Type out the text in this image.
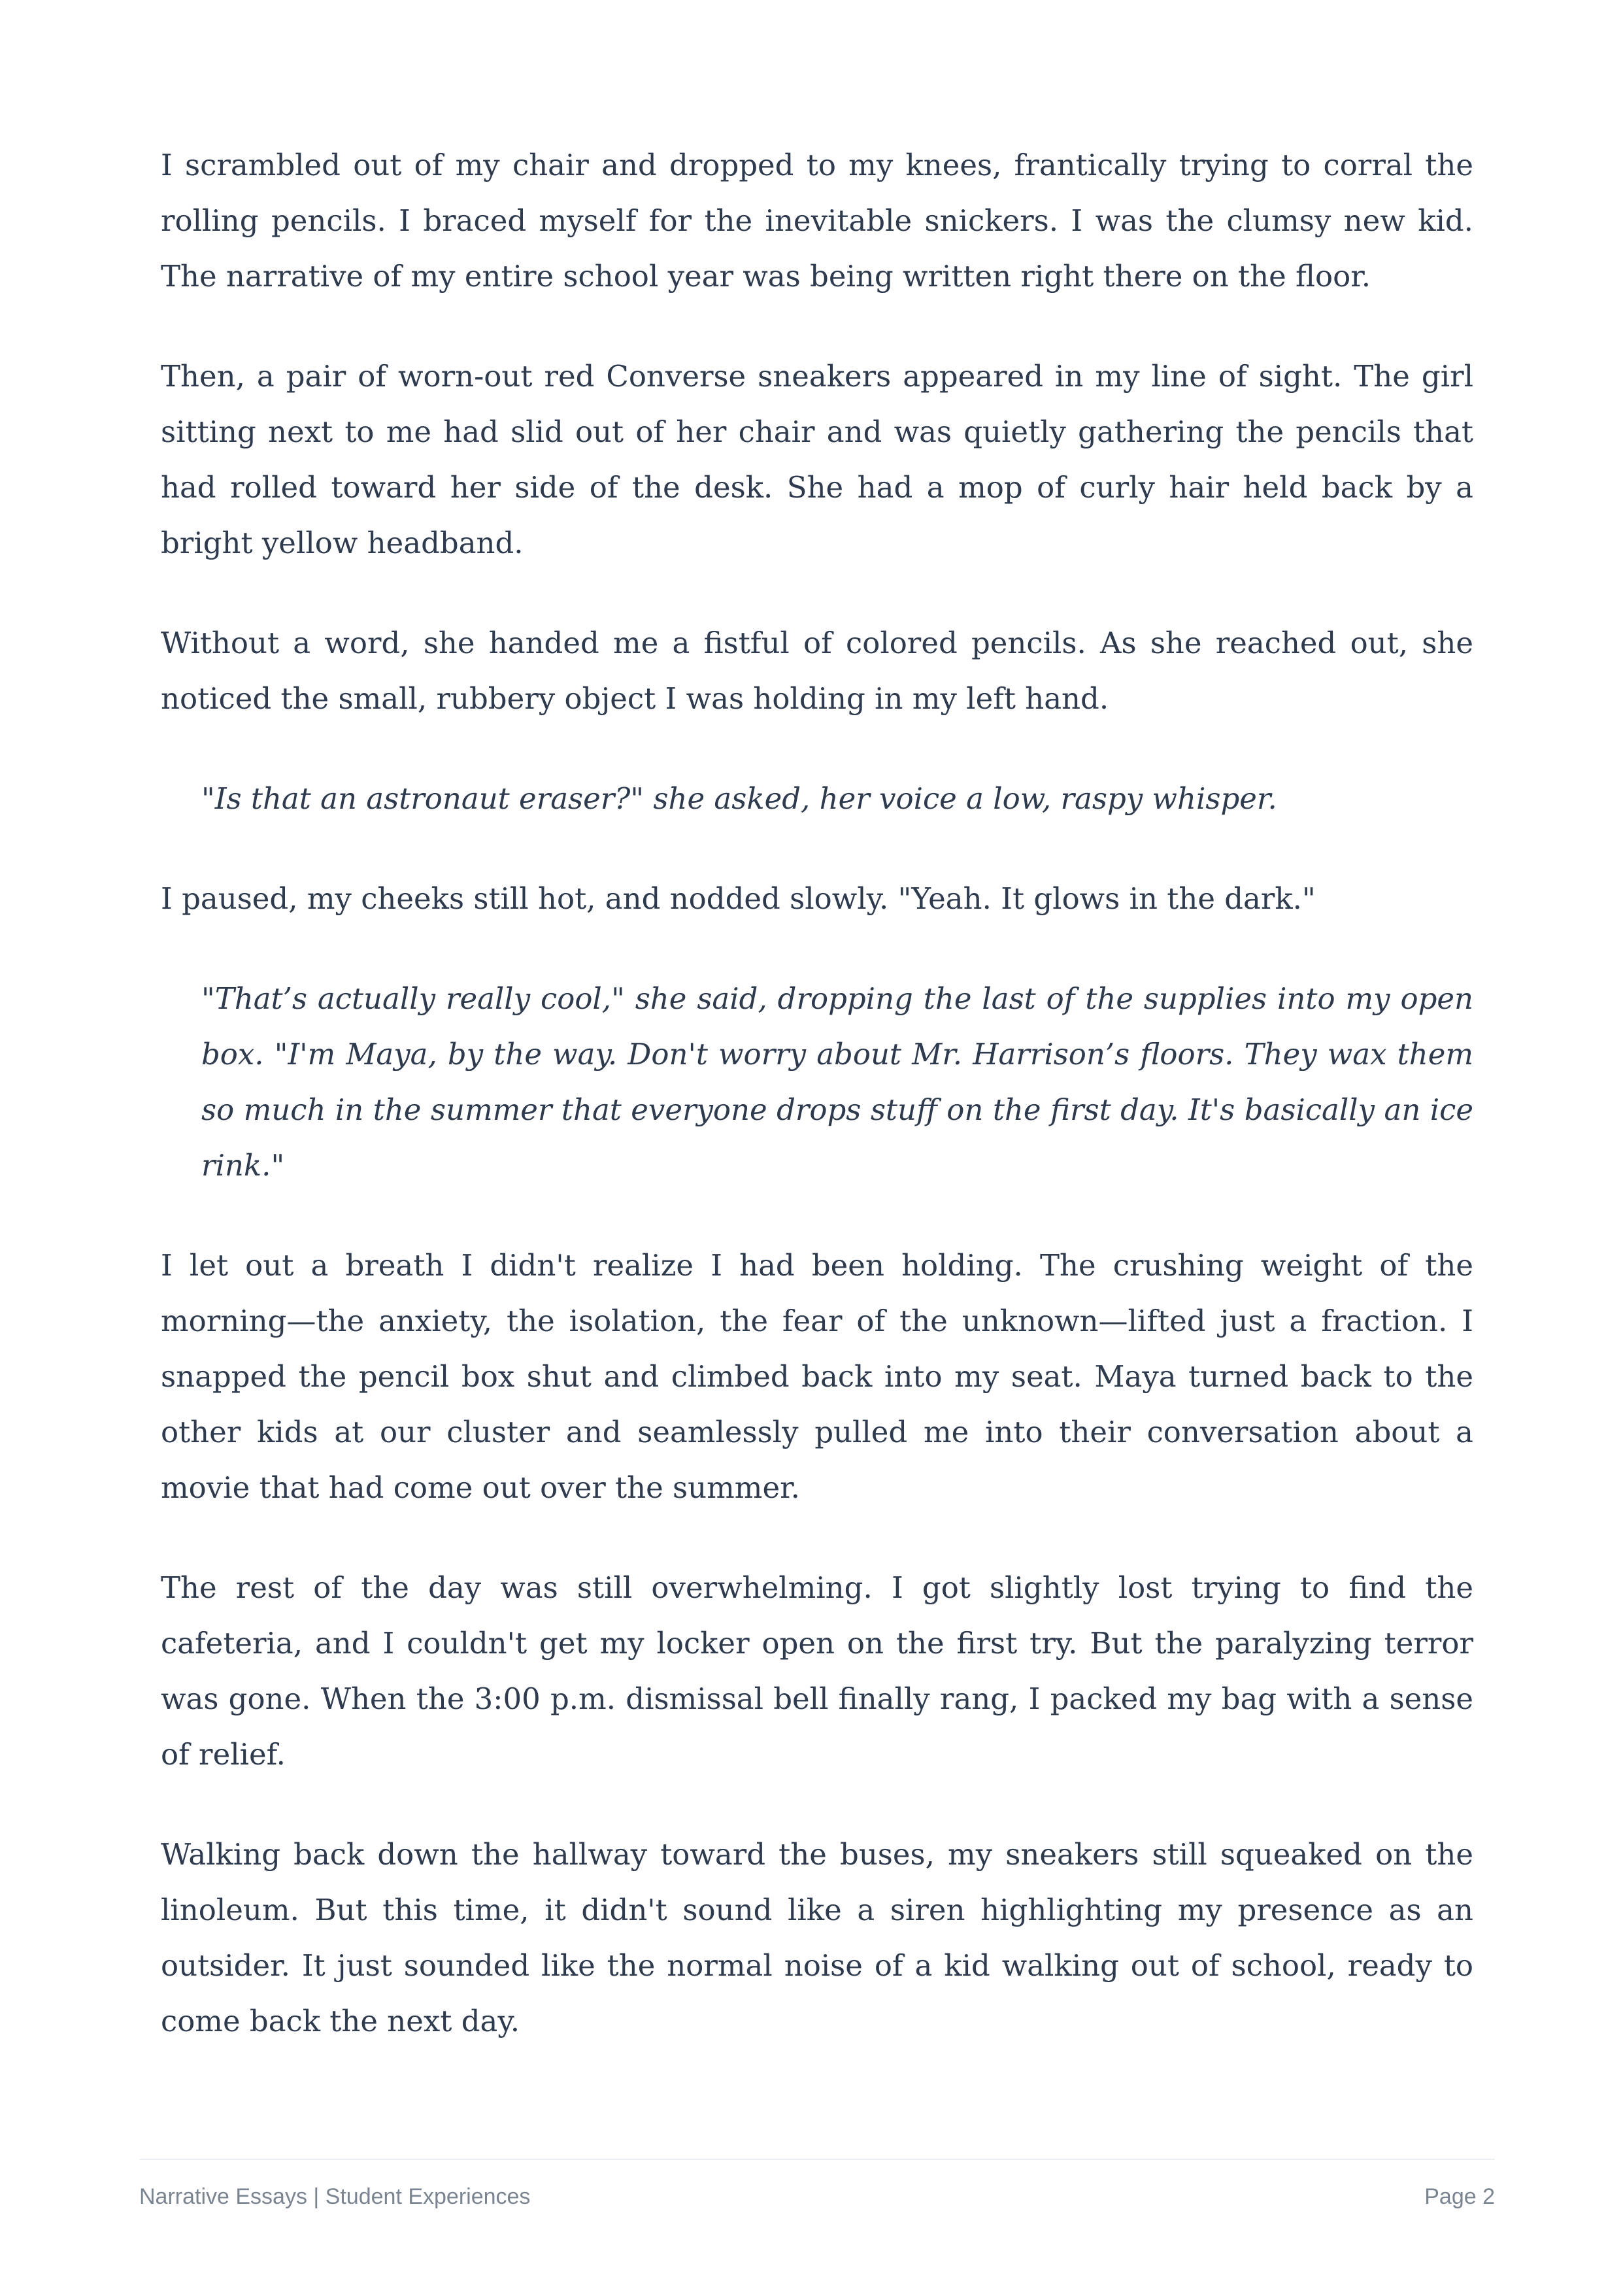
I scrambled out of my chair and dropped to my knees, frantically trying to corral the rolling pencils. I braced myself for the inevitable snickers. I was the clumsy new kid. The narrative of my entire school year was being written right there on the floor.

Then, a pair of worn-out red Converse sneakers appeared in my line of sight. The girl sitting next to me had slid out of her chair and was quietly gathering the pencils that had rolled toward her side of the desk. She had a mop of curly hair held back by a bright yellow headband.

Without a word, she handed me a fistful of colored pencils. As she reached out, she noticed the small, rubbery object I was holding in my left hand.

"Is that an astronaut eraser?" she asked, her voice a low, raspy whisper.

I paused, my cheeks still hot, and nodded slowly. "Yeah. It glows in the dark."

"That’s actually really cool," she said, dropping the last of the supplies into my open box. "I'm Maya, by the way. Don't worry about Mr. Harrison’s floors. They wax them so much in the summer that everyone drops stuff on the first day. It's basically an ice rink."

I let out a breath I didn't realize I had been holding. The crushing weight of the morning—the anxiety, the isolation, the fear of the unknown—lifted just a fraction. I snapped the pencil box shut and climbed back into my seat. Maya turned back to the other kids at our cluster and seamlessly pulled me into their conversation about a movie that had come out over the summer.

The rest of the day was still overwhelming. I got slightly lost trying to find the cafeteria, and I couldn't get my locker open on the first try. But the paralyzing terror was gone. When the 3:00 p.m. dismissal bell finally rang, I packed my bag with a sense of relief.

Walking back down the hallway toward the buses, my sneakers still squeaked on the linoleum. But this time, it didn't sound like a siren highlighting my presence as an outsider. It just sounded like the normal noise of a kid walking out of school, ready to come back the next day.

Narrative Essays | Student Experiences	Page 2
